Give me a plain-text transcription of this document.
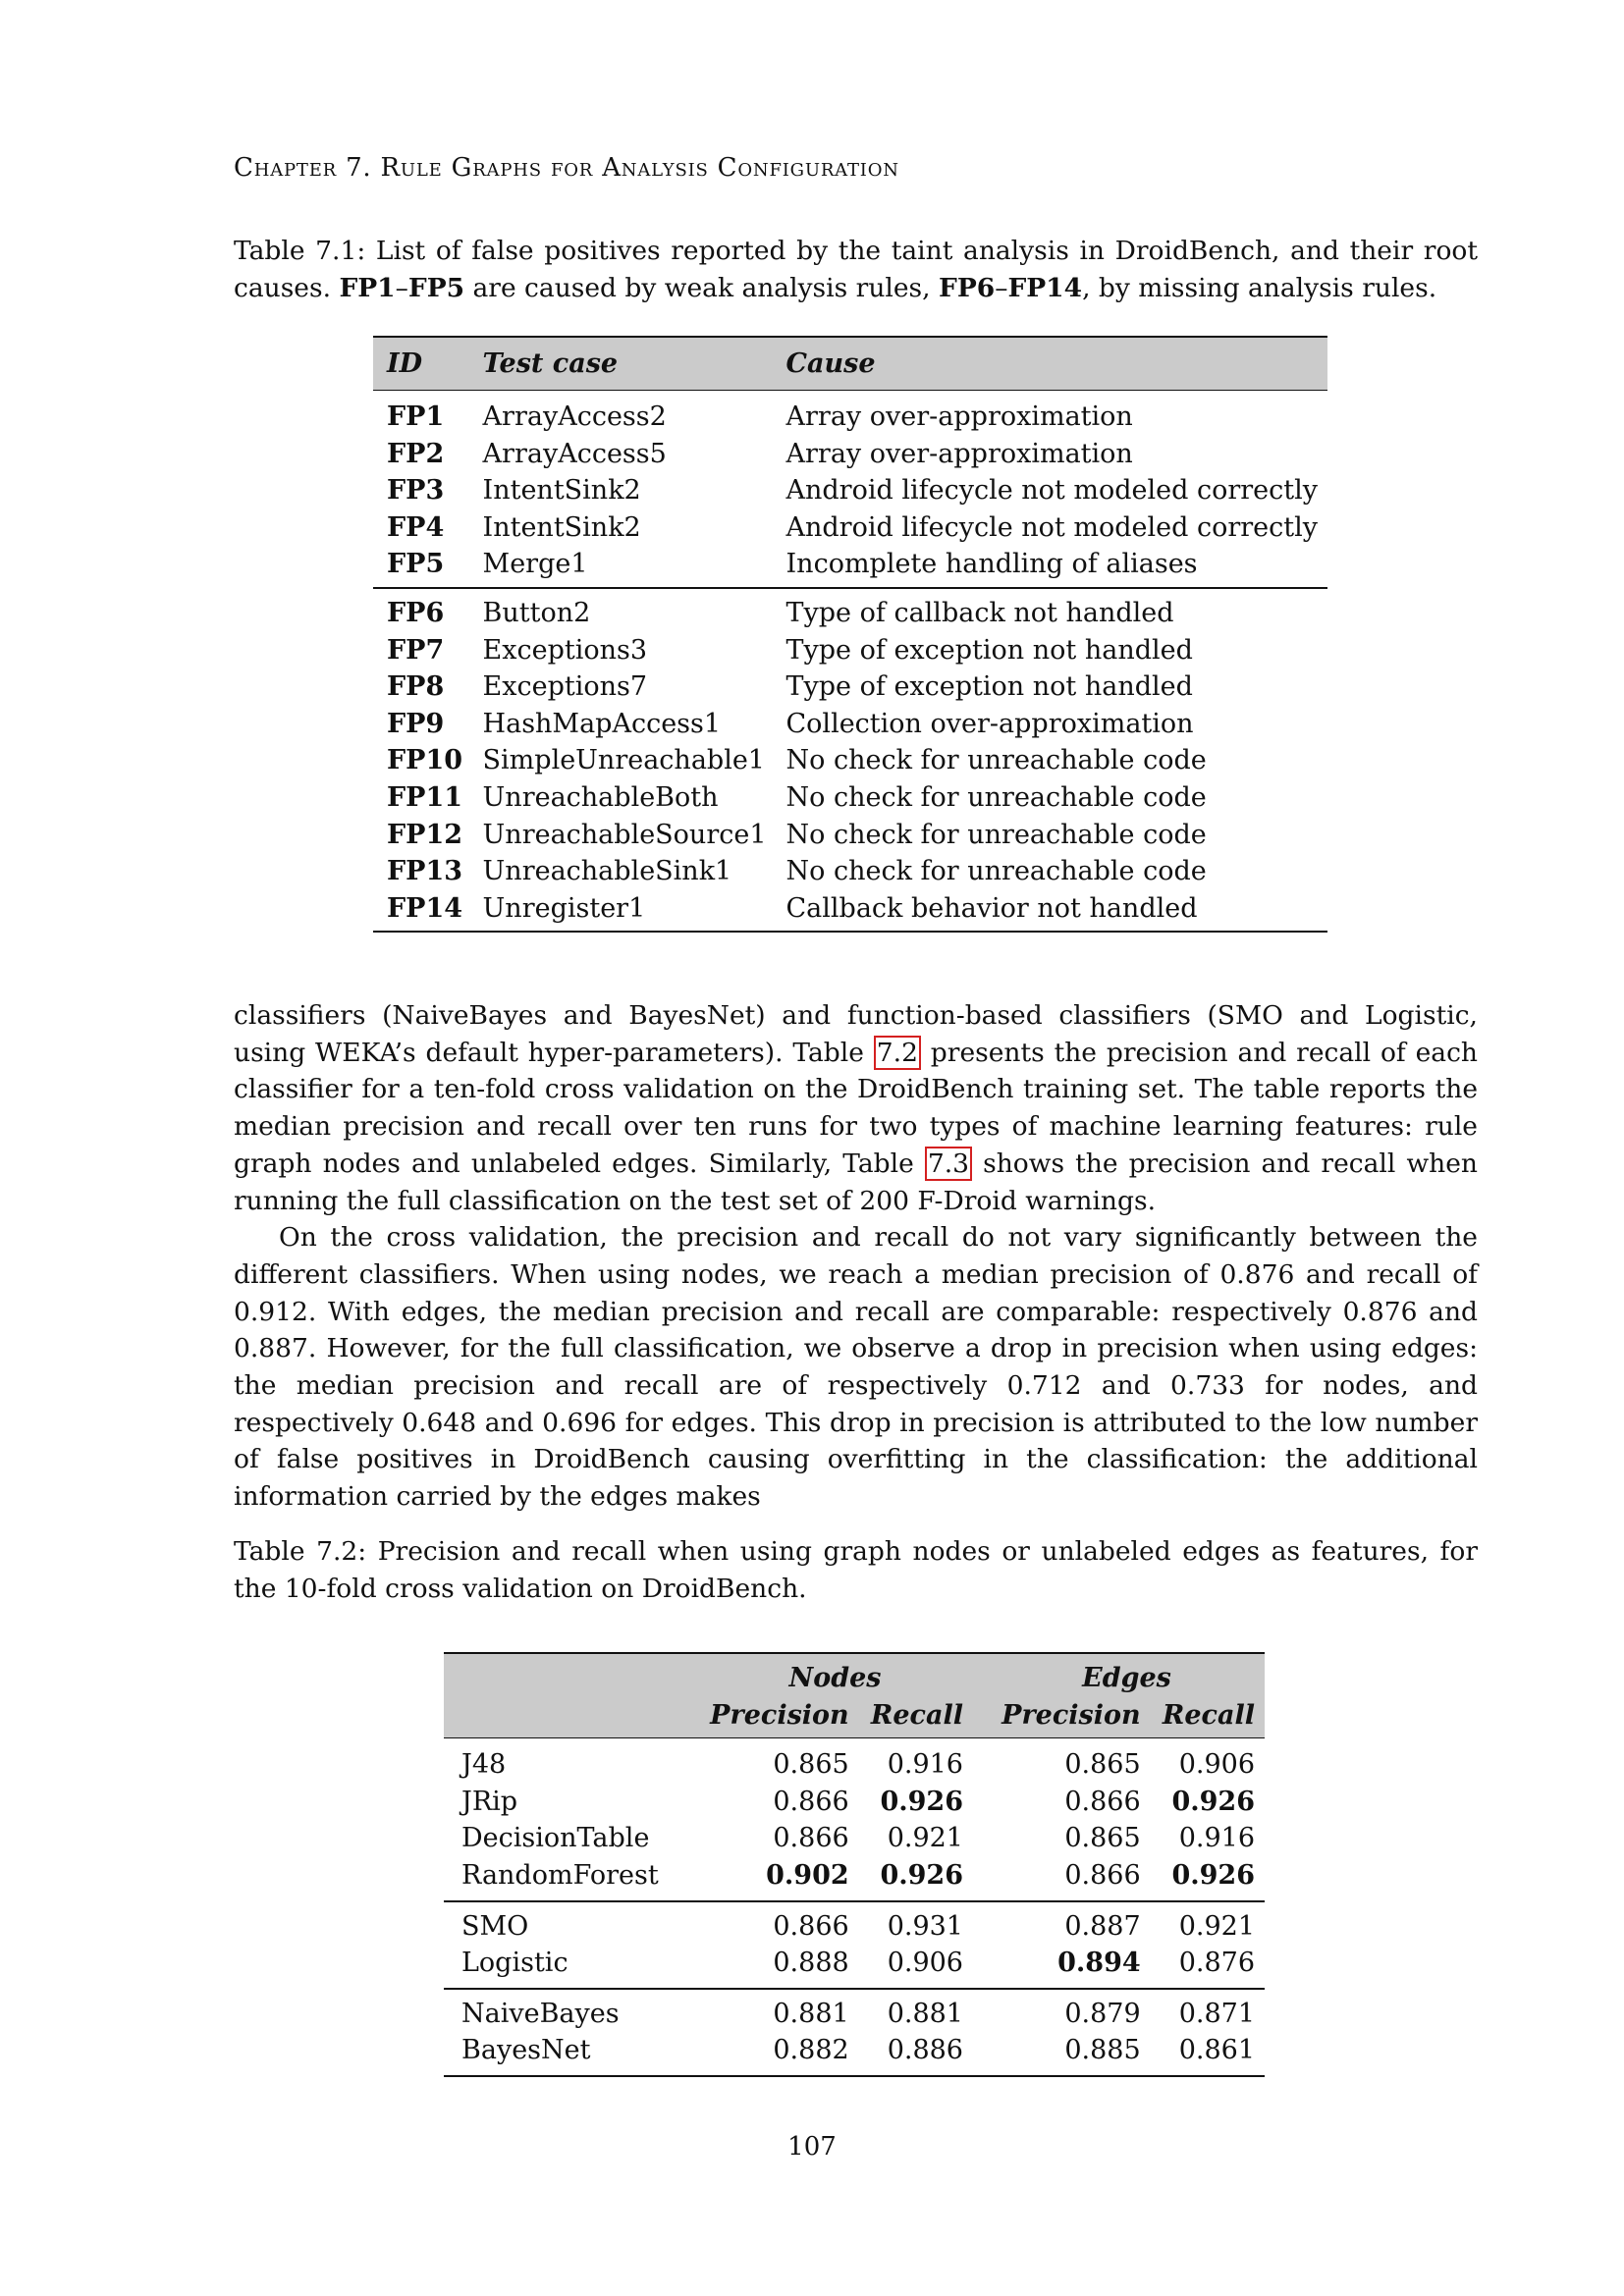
Chapter 7. Rule Graphs for Analysis Configuration
Table 7.1: List of false positives reported by the taint analysis in DroidBench, and their root causes. FP1–FP5 are caused by weak analysis rules, FP6–FP14, by missing analysis rules.
ID	Test case	Cause
FP1	ArrayAccess2	Array over-approximation
FP2	ArrayAccess5	Array over-approximation
FP3	IntentSink2	Android lifecycle not modeled correctly
FP4	IntentSink2	Android lifecycle not modeled correctly
FP5	Merge1	Incomplete handling of aliases
FP6	Button2	Type of callback not handled
FP7	Exceptions3	Type of exception not handled
FP8	Exceptions7	Type of exception not handled
FP9	HashMapAccess1	Collection over-approximation
FP10	SimpleUnreachable1	No check for unreachable code
FP11	UnreachableBoth	No check for unreachable code
FP12	UnreachableSource1	No check for unreachable code
FP13	UnreachableSink1	No check for unreachable code
FP14	Unregister1	Callback behavior not handled

classifiers (NaiveBayes and BayesNet) and function-based classifiers (SMO and Logistic, using WEKA’s default hyper-parameters). Table 7.2 presents the precision and recall of each classifier for a ten-fold cross validation on the DroidBench training set. The table reports the median precision and recall over ten runs for two types of machine learning features: rule graph nodes and unlabeled edges. Similarly, Table 7.3 shows the precision and recall when running the full classification on the test set of 200 F-Droid warnings.

On the cross validation, the precision and recall do not vary significantly between the different classifiers. When using nodes, we reach a median precision of 0.876 and recall of 0.912. With edges, the median precision and recall are comparable: respectively 0.876 and 0.887. However, for the full classification, we observe a drop in precision when using edges: the median precision and recall are of respectively 0.712 and 0.733 for nodes, and respectively 0.648 and 0.696 for edges. This drop in precision is attributed to the low number of false positives in DroidBench causing overfitting in the classification: the additional information carried by the edges makes

Table 7.2: Precision and recall when using graph nodes or unlabeled edges as features, for the 10-fold cross validation on DroidBench.
	Nodes			Edges	
	Precision	Recall		Precision	Recall
J48	0.865	0.916		0.865	0.906
JRip	0.866	0.926		0.866	0.926
DecisionTable	0.866	0.921		0.865	0.916
RandomForest	0.902	0.926		0.866	0.926
SMO	0.866	0.931		0.887	0.921
Logistic	0.888	0.906		0.894	0.876
NaiveBayes	0.881	0.881		0.879	0.871
BayesNet	0.882	0.886		0.885	0.861
107
